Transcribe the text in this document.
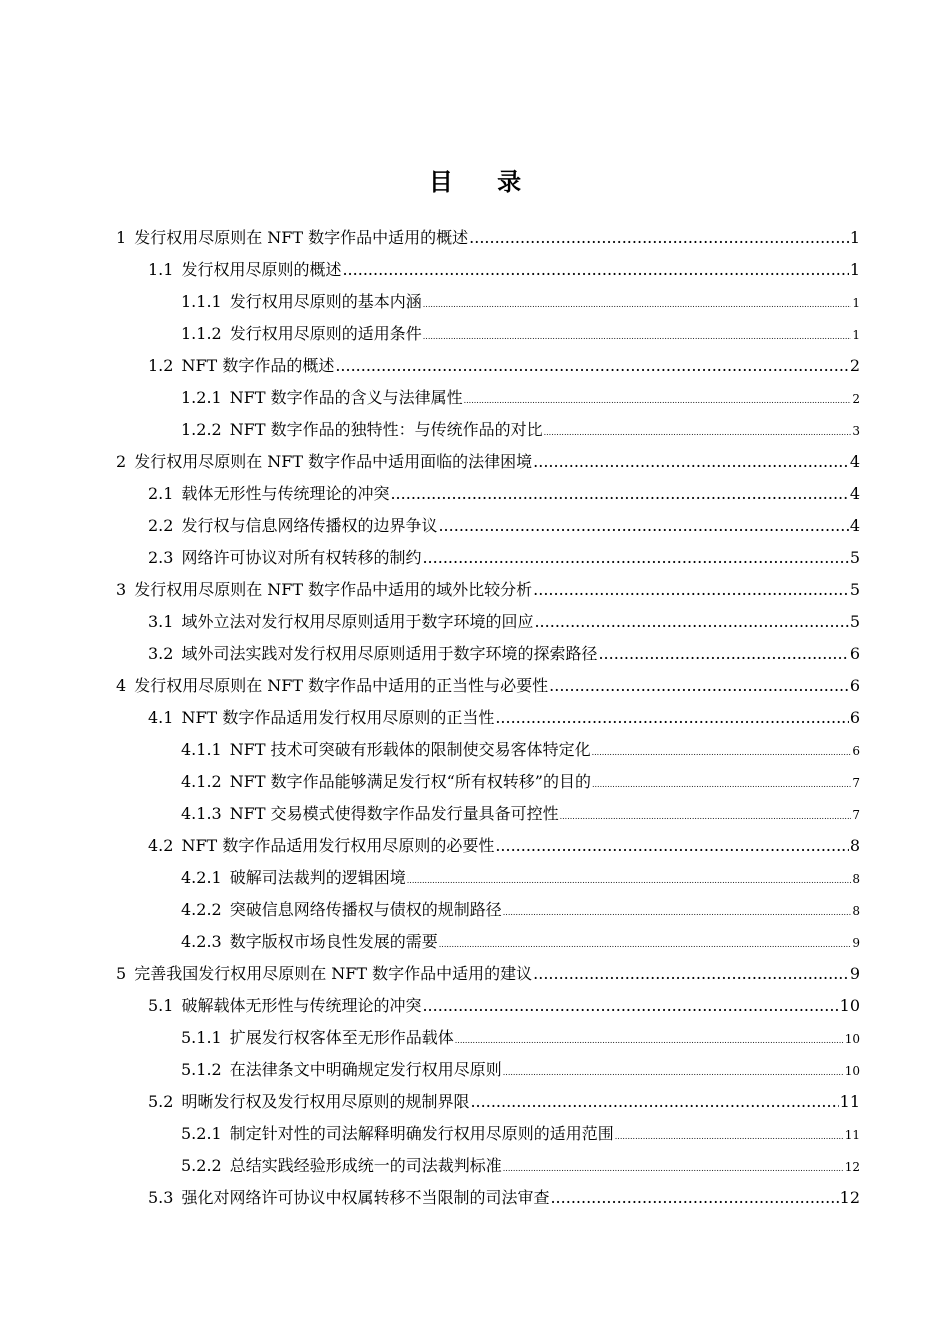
目 录
1 发行权用尽原则在 NFT 数字作品中适用的概述 .....	1
1.1 发行权用尽原则的概述 .....	1
1.1.1 发行权用尽原则的基本内涵 .....	1
1.1.2 发行权用尽原则的适用条件 .....	1
1.2 NFT 数字作品的概述 .....	2
1.2.1 NFT 数字作品的含义与法律属性 .....	2
1.2.2 NFT 数字作品的独特性：与传统作品的对比 .....	3
2 发行权用尽原则在 NFT 数字作品中适用面临的法律困境 .....	4
2.1 载体无形性与传统理论的冲突 .....	4
2.2 发行权与信息网络传播权的边界争议 .....	4
2.3 网络许可协议对所有权转移的制约 .....	5
3 发行权用尽原则在 NFT 数字作品中适用的域外比较分析 .....	5
3.1 域外立法对发行权用尽原则适用于数字环境的回应 .....	5
3.2 域外司法实践对发行权用尽原则适用于数字环境的探索路径 .....	6
4 发行权用尽原则在 NFT 数字作品中适用的正当性与必要性 .....	6
4.1 NFT 数字作品适用发行权用尽原则的正当性 .....	6
4.1.1 NFT 技术可突破有形载体的限制使交易客体特定化 .....	6
4.1.2 NFT 数字作品能够满足发行权“所有权转移”的目的 .....	7
4.1.3 NFT 交易模式使得数字作品发行量具备可控性 .....	7
4.2 NFT 数字作品适用发行权用尽原则的必要性 .....	8
4.2.1 破解司法裁判的逻辑困境 .....	8
4.2.2 突破信息网络传播权与债权的规制路径 .....	8
4.2.3 数字版权市场良性发展的需要 .....	9
5 完善我国发行权用尽原则在 NFT 数字作品中适用的建议 .....	9
5.1 破解载体无形性与传统理论的冲突 .....	10
5.1.1 扩展发行权客体至无形作品载体 .....	10
5.1.2 在法律条文中明确规定发行权用尽原则 .....	10
5.2 明晰发行权及发行权用尽原则的规制界限 .....	11
5.2.1 制定针对性的司法解释明确发行权用尽原则的适用范围 .....	11
5.2.2 总结实践经验形成统一的司法裁判标准 .....	12
5.3 强化对网络许可协议中权属转移不当限制的司法审查 .....	12
